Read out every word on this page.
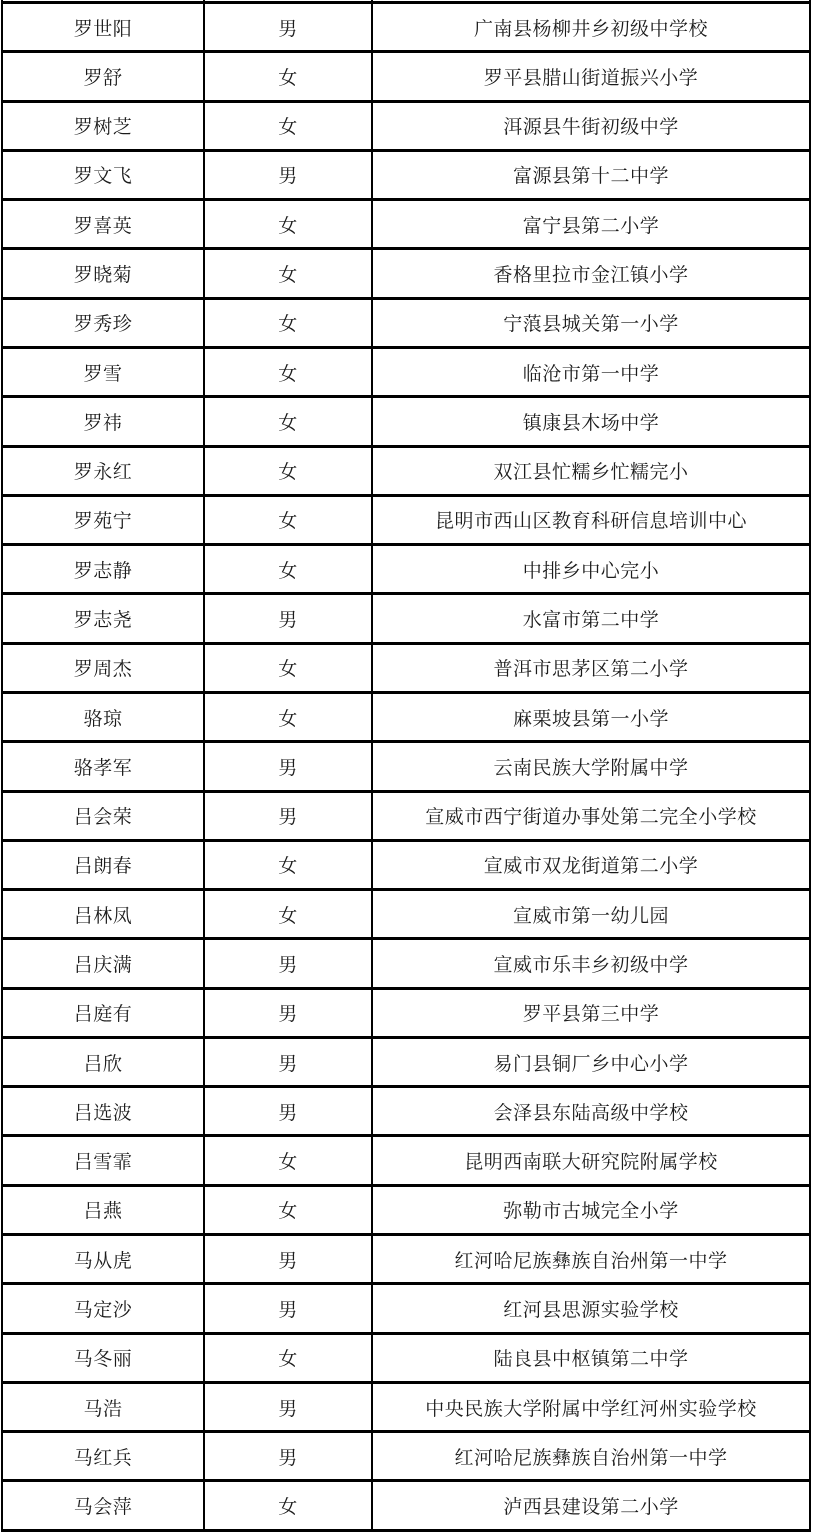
罗世阳	男	广南县杨柳井乡初级中学校
罗舒	女	罗平县腊山街道振兴小学
罗树芝	女	洱源县牛街初级中学
罗文飞	男	富源县第十二中学
罗喜英	女	富宁县第二小学
罗晓菊	女	香格里拉市金江镇小学
罗秀珍	女	宁蒗县城关第一小学
罗雪	女	临沧市第一中学
罗祎	女	镇康县木场中学
罗永红	女	双江县忙糯乡忙糯完小
罗苑宁	女	昆明市西山区教育科研信息培训中心
罗志静	女	中排乡中心完小
罗志尧	男	水富市第二中学
罗周杰	女	普洱市思茅区第二小学
骆琼	女	麻栗坡县第一小学
骆孝军	男	云南民族大学附属中学
吕会荣	男	宣威市西宁街道办事处第二完全小学校
吕朗春	女	宣威市双龙街道第二小学
吕林凤	女	宣威市第一幼儿园
吕庆满	男	宣威市乐丰乡初级中学
吕庭有	男	罗平县第三中学
吕欣	男	易门县铜厂乡中心小学
吕选波	男	会泽县东陆高级中学校
吕雪霏	女	昆明西南联大研究院附属学校
吕燕	女	弥勒市古城完全小学
马从虎	男	红河哈尼族彝族自治州第一中学
马定沙	男	红河县思源实验学校
马冬丽	女	陆良县中枢镇第二中学
马浩	男	中央民族大学附属中学红河州实验学校
马红兵	男	红河哈尼族彝族自治州第一中学
马会萍	女	泸西县建设第二小学
